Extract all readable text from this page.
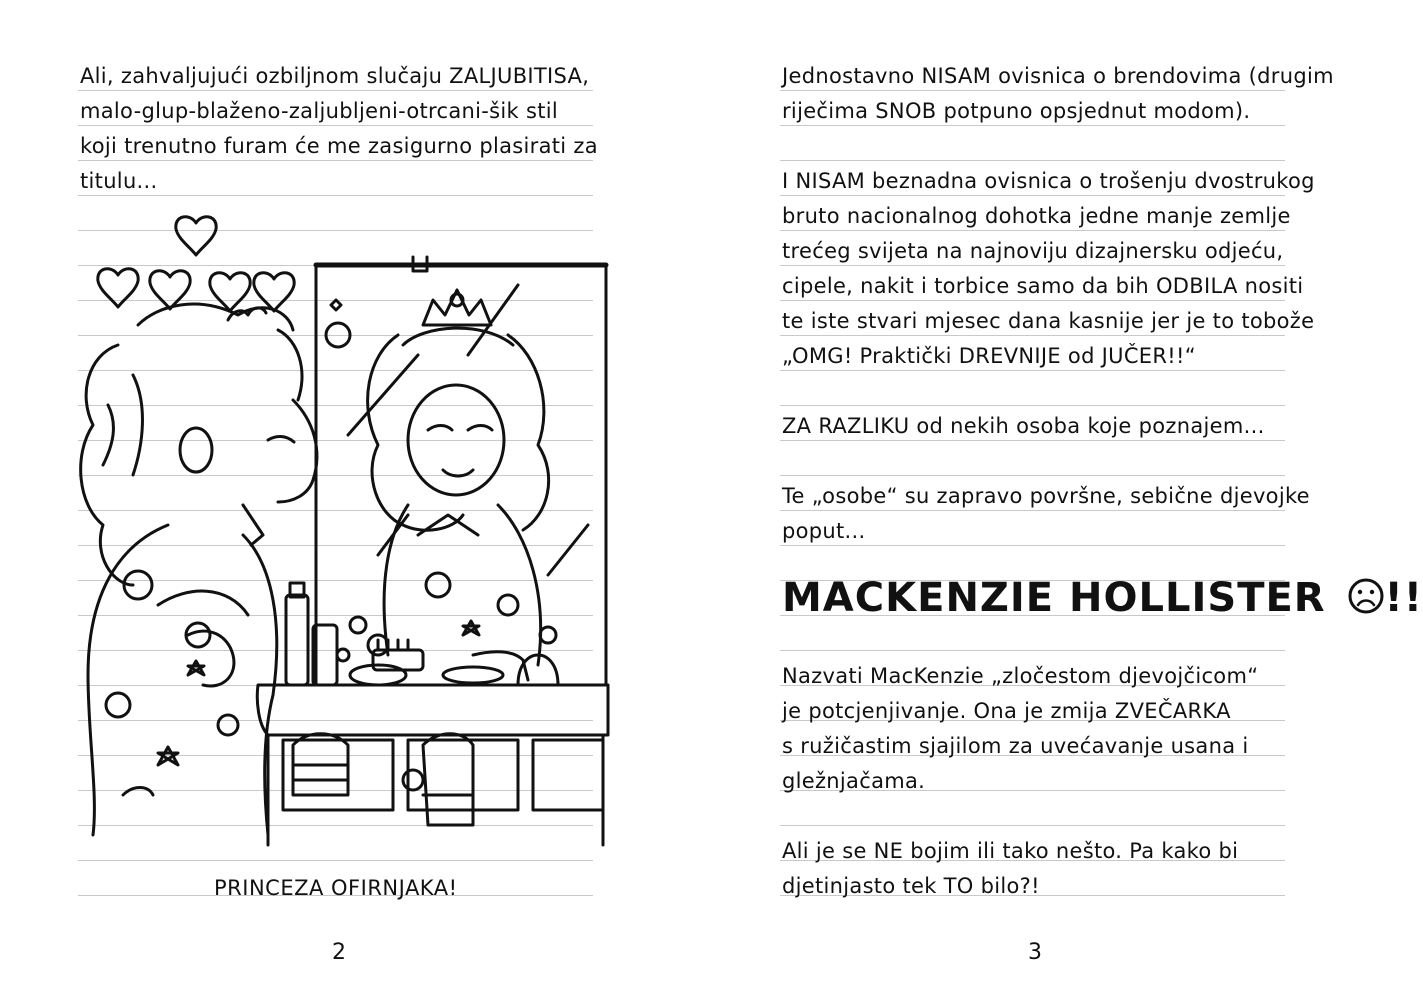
Ali, zahvaljujući ozbiljnom slučaju ZALJUBITISA,
malo-glup-blaženo-zaljubljeni-otrcani-šik stil
koji trenutno furam će me zasigurno plasirati za
titulu...
PRINCEZA OFIRNJAKA!
2
Jednostavno NISAM ovisnica o brendovima (drugim
riječima SNOB potpuno opsjednut modom).
I NISAM beznadna ovisnica o trošenju dvostrukog
bruto nacionalnog dohotka jedne manje zemlje
trećeg svijeta na najnoviju dizajnersku odjeću,
cipele, nakit i torbice samo da bih ODBILA nositi
te iste stvari mjesec dana kasnije jer je to tobože
„OMG! Praktički DREVNIJE od JUČER!!“
ZA RAZLIKU od nekih osoba koje poznajem...
Te „osobe“ su zapravo površne, sebične djevojke
poput...
MACKENZIE HOLLISTER !!
Nazvati MacKenzie „zločestom djevojčicom“
je potcjenjivanje. Ona je zmija ZVEČARKA
s ružičastim sjajilom za uvećavanje usana i
gležnjačama.
Ali je se NE bojim ili tako nešto. Pa kako bi
djetinjasto tek TO bilo?!
3
